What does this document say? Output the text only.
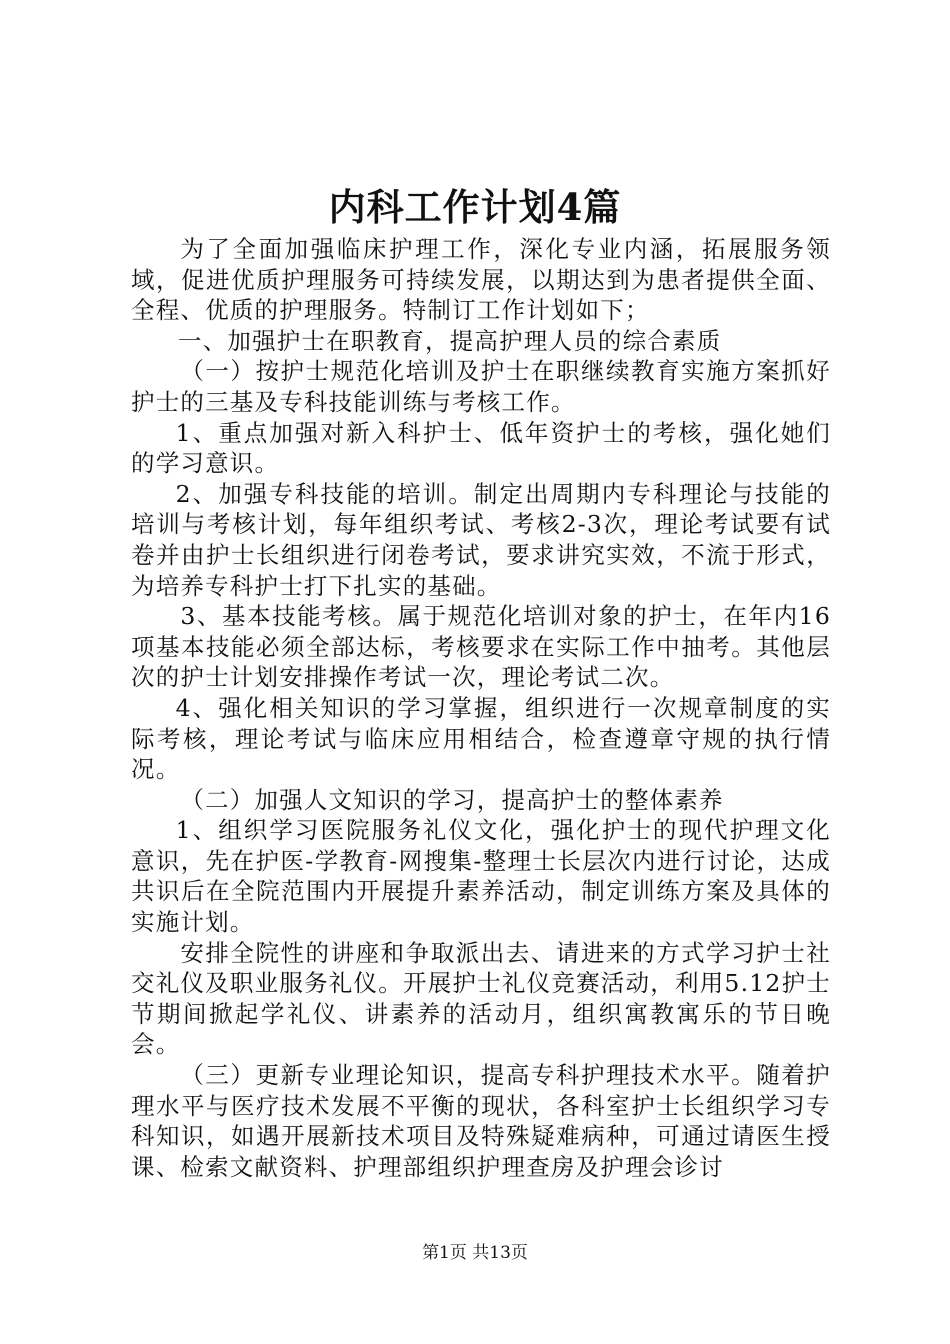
内科工作计划4篇

为了全面加强临床护理工作，深化专业内涵，拓展服务领域，促进优质护理服务可持续发展，以期达到为患者提供全面、全程、优质的护理服务。特制订工作计划如下；

一、加强护士在职教育，提高护理人员的综合素质

（一）按护士规范化培训及护士在职继续教育实施方案抓好护士的三基及专科技能训练与考核工作。

1、重点加强对新入科护士、低年资护士的考核，强化她们的学习意识。

2、加强专科技能的培训。制定出周期内专科理论与技能的培训与考核计划，每年组织考试、考核2-3次，理论考试要有试卷并由护士长组织进行闭卷考试，要求讲究实效，不流于形式，为培养专科护士打下扎实的基础。

3、基本技能考核。属于规范化培训对象的护士，在年内16项基本技能必须全部达标，考核要求在实际工作中抽考。其他层次的护士计划安排操作考试一次，理论考试二次。

4、强化相关知识的学习掌握，组织进行一次规章制度的实际考核，理论考试与临床应用相结合，检查遵章守规的执行情况。

（二）加强人文知识的学习，提高护士的整体素养

1、组织学习医院服务礼仪文化，强化护士的现代护理文化意识，先在护医-学教育-网搜集-整理士长层次内进行讨论，达成共识后在全院范围内开展提升素养活动，制定训练方案及具体的实施计划。

安排全院性的讲座和争取派出去、请进来的方式学习护士社交礼仪及职业服务礼仪。开展护士礼仪竞赛活动，利用5.12护士节期间掀起学礼仪、讲素养的活动月，组织寓教寓乐的节日晚会。

（三）更新专业理论知识，提高专科护理技术水平。随着护理水平与医疗技术发展不平衡的现状，各科室护士长组织学习专科知识，如遇开展新技术项目及特殊疑难病种，可通过请医生授课、检索文献资料、护理部组织护理查房及护理会诊讨

第1页 共13页
